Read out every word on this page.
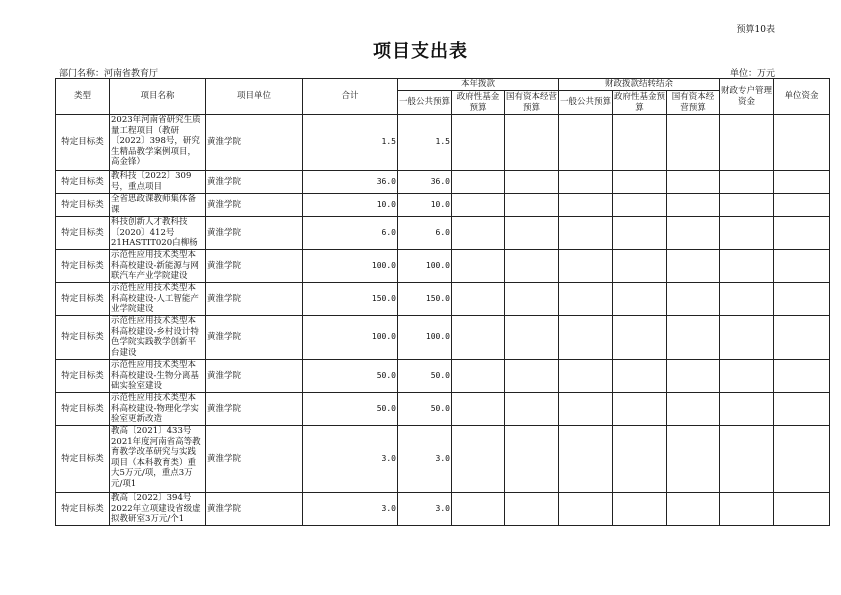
预算10表
项目支出表
部门名称：河南省教育厅	单位：万元
类型	项目名称	项目单位	合计	本年拨款			财政拨款结转结余			财政专户管理资金	单位资金
				一般公共预算	政府性基金预算	国有资本经营预算	一般公共预算	政府性基金预算	国有资本经营预算		
特定目标类	2023年河南省研究生质量工程项目（教研〔2022〕398号，研究生精品教学案例项目，高金锋）	黄淮学院	1.5	1.5							
特定目标类	教科技〔2022〕309号，重点项目	黄淮学院	36.0	36.0							
特定目标类	全省思政课教师集体备课	黄淮学院	10.0	10.0							
特定目标类	科技创新人才教科技〔2020〕412号21HASTIT020白柳杨	黄淮学院	6.0	6.0							
特定目标类	示范性应用技术类型本科高校建设-新能源与网联汽车产业学院建设	黄淮学院	100.0	100.0							
特定目标类	示范性应用技术类型本科高校建设-人工智能产业学院建设	黄淮学院	150.0	150.0							
特定目标类	示范性应用技术类型本科高校建设-乡村设计特色学院实践教学创新平台建设	黄淮学院	100.0	100.0							
特定目标类	示范性应用技术类型本科高校建设-生物分离基础实验室建设	黄淮学院	50.0	50.0							
特定目标类	示范性应用技术类型本科高校建设-物理化学实验室更新改造	黄淮学院	50.0	50.0							
特定目标类	教高〔2021〕433号2021年度河南省高等教育教学改革研究与实践项目（本科教育类）重大5万元/项，重点3万元/项1	黄淮学院	3.0	3.0							
特定目标类	教高〔2022〕394号2022年立项建设省级虚拟教研室3万元/个1	黄淮学院	3.0	3.0							
